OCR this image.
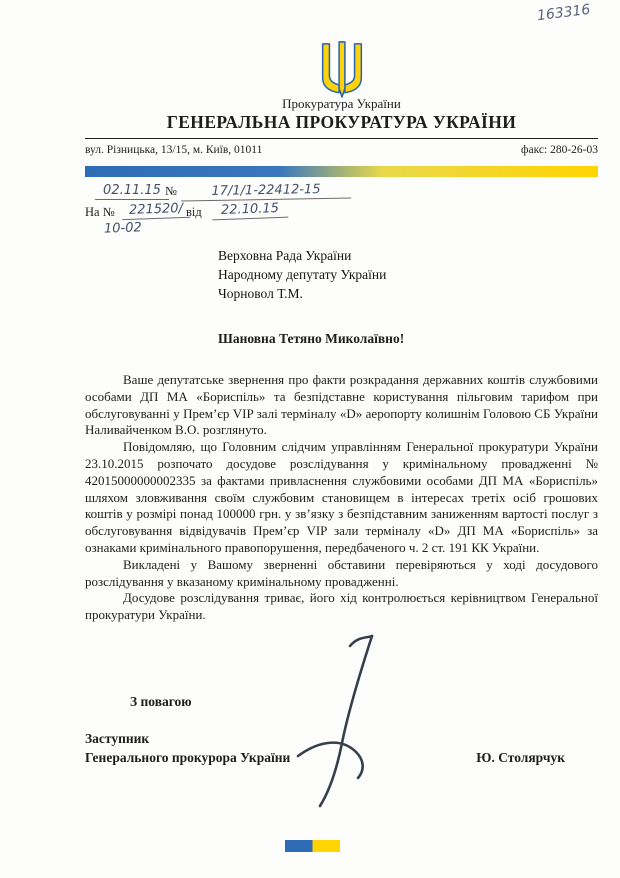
163316
Прокуратура України
ГЕНЕРАЛЬНА ПРОКУРАТУРА УКРАЇНИ
вул. Різницька, 13/15, м. Київ, 01011	факс: 280-26-03
02.11.15 №	17/1/1-22412-15
На №	221520/ від	22.10.15
10-02
Верховна Рада України
Народному депутату України
Чорновол Т.М.
Шановна Тетяно Миколаївно!

Ваше депутатське звернення про факти розкрадання державних коштів службовими особами ДП МА «Бориспіль» та безпідставне користування пільговим тарифом при обслуговуванні у Прем’єр VIP залі терміналу «D» аеропорту колишнім Головою СБ України Наливайченком В.О. розглянуто.

Повідомляю, що Головним слідчим управлінням Генеральної прокуратури України 23.10.2015 розпочато досудове розслідування у кримінальному провадженні № 42015000000002335 за фактами привласнення службовими особами ДП МА «Бориспіль» шляхом зловживання своїм службовим становищем в інтересах третіх осіб грошових коштів у розмірі понад 100000 грн. у зв’язку з безпідставним заниженням вартості послуг з обслуговування відвідувачів Прем’єр VIP зали терміналу «D» ДП МА «Бориспіль» за ознаками кримінального правопорушення, передбаченого ч. 2 ст. 191 КК України.

Викладені у Вашому зверненні обставини перевіряються у ході досудового розслідування у вказаному кримінальному провадженні.

Досудове розслідування триває, його хід контролюється керівництвом Генеральної прокуратури України.

З повагою
Заступник
Генерального прокурора України	Ю. Столярчук
